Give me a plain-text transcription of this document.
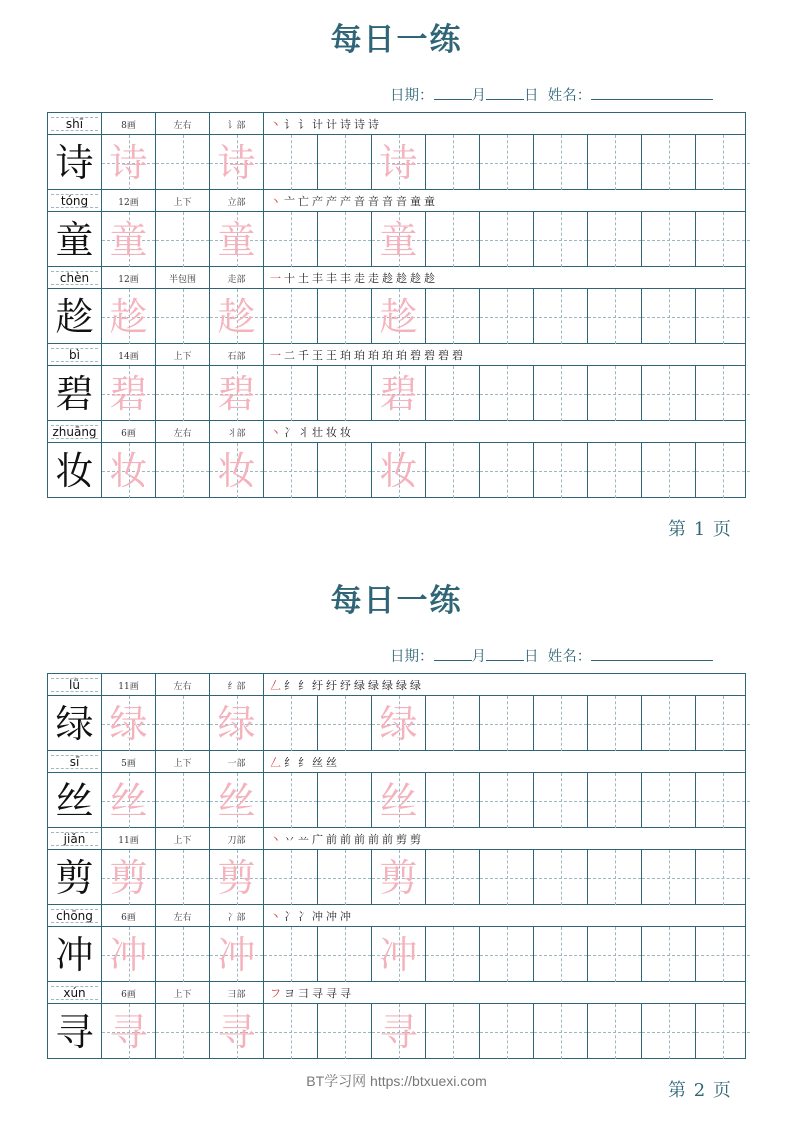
每日一练
日期：	月	日 姓名：
shī	8画	左右	讠部	丶 讠 讠 计 计 诗 诗 诗
诗 诗 诗	诗
tóng	12画	上下	立部	丶 亠 亡 产 产 产 音 音 音 音 童 童
童 童 童	童
chèn	12画	半包围	走部	一 十 土 丰 丰 丰 走 走 趁 趁 趁 趁
趁 趁 趁	趁
bì	14画	上下	石部	一 二 千 王 王 珀 珀 珀 珀 珀 碧 碧 碧 碧
碧 碧 碧	碧
zhuāng	6画	左右	丬部	丶 冫 丬 壮 妆 妆
妆 妆 妆	妆
第 1 页
每日一练
日期：	月	日 姓名：
lǜ	11画	左右	纟部	𠃋 纟 纟 纡 纡 纾 绿 绿 绿 绿 绿
绿 绿 绿	绿
sī	5画	上下	一部	𠃋 纟 纟 丝 丝
丝 丝 丝	丝
jiǎn	11画	上下	刀部	丶 丷 䒑 广 前 前 前 前 前 剪 剪
剪 剪 剪	剪
chōng	6画	左右	冫部	丶 冫 冫 冲 冲 冲
冲 冲 冲	冲
xún	6画	上下	彐部	フ ヨ 彐 寻 寻 寻
寻 寻 寻	寻
第 2 页
BT学习网 https://btxuexi.com
